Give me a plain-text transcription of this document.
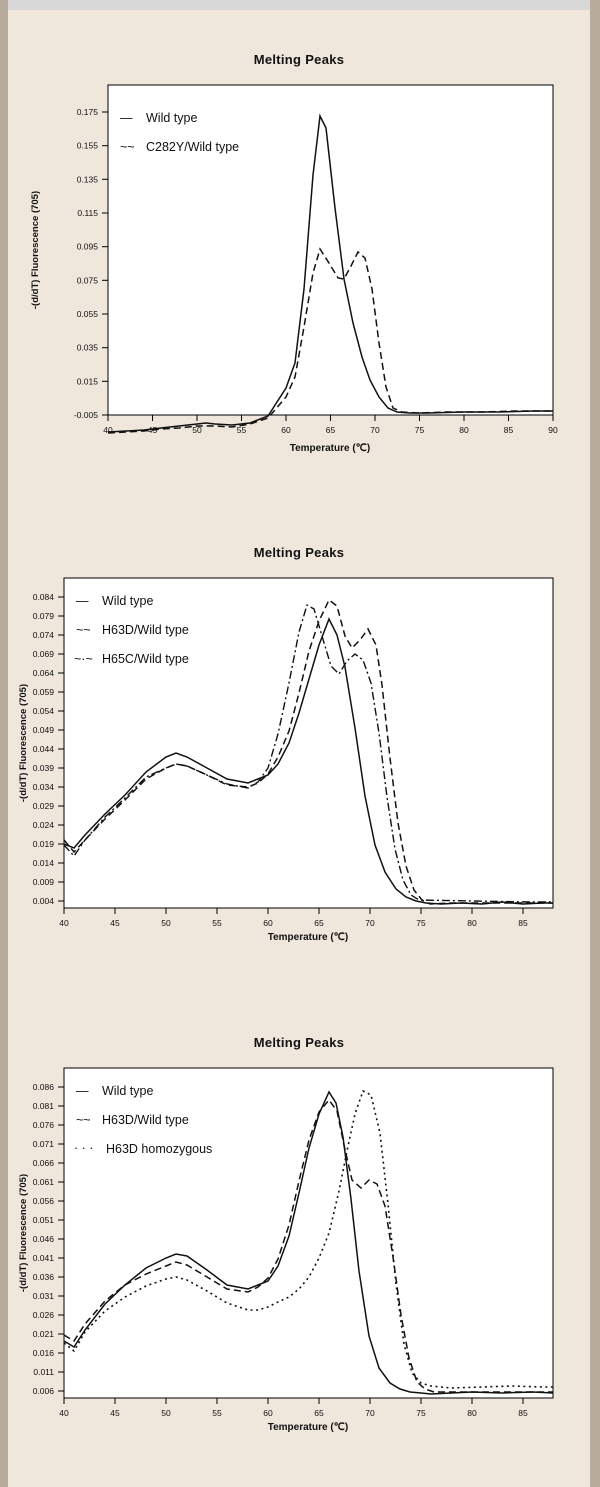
Melting Peaks
-0.005
0.015
0.035
0.055
0.075
0.095
0.115
0.135
0.155
0.175
40	45	50	55	60	65	70	75	80	85	90
Temperature (℃)
-(d/dT) Fluorescence (705)
— Wild type
~~ C282Y/Wild type
Melting Peaks
0.004
0.009
0.014
0.019
0.024
0.029
0.034
0.039
0.044
0.049
0.054
0.059
0.064
0.069
0.074
0.079
0.084
40	45	50	55	60	65	70	75	80	85
Temperature (℃)
-(d/dT) Fluorescence (705)
— Wild type
~~ H63D/Wild type
~·~ H65C/Wild type
Melting Peaks
0.006
0.011
0.016
0.021
0.026
0.031
0.036
0.041
0.046
0.051
0.056
0.061
0.066
0.071
0.076
0.081
0.086
40	45	50	55	60	65	70	75	80	85
Temperature (℃)
-(d/dT) Fluorescence (705)
— Wild type
~~ H63D/Wild type
· · · H63D homozygous
